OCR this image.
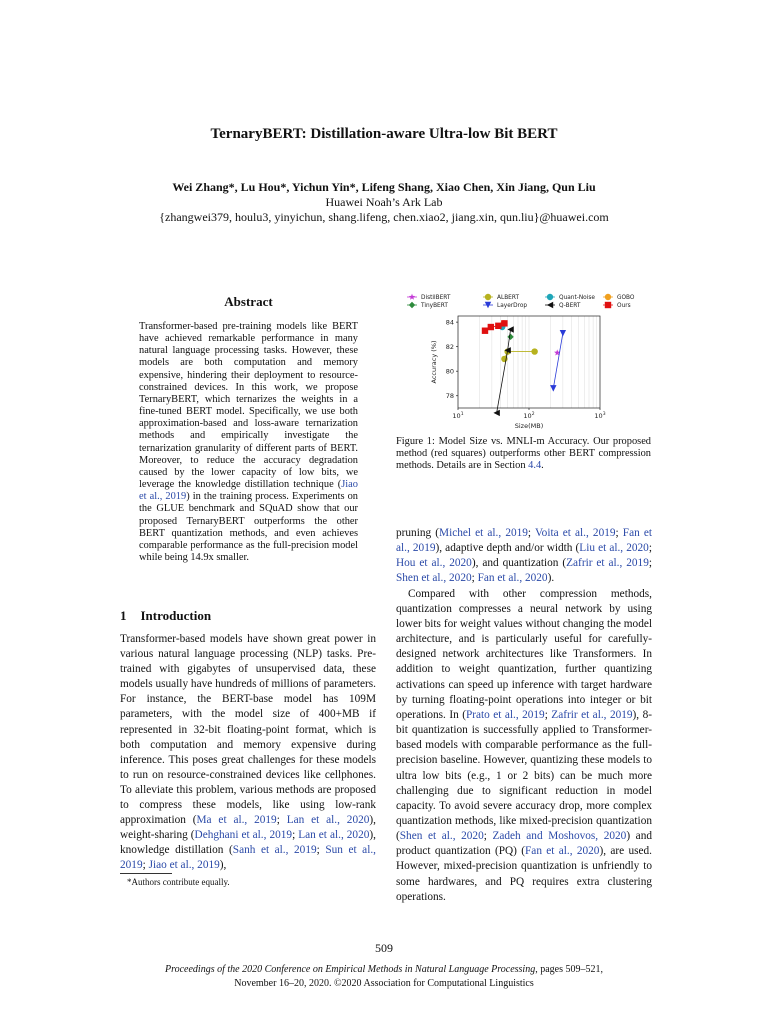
TernaryBERT: Distillation-aware Ultra-low Bit BERT
Wei Zhang*, Lu Hou*, Yichun Yin*, Lifeng Shang, Xiao Chen, Xin Jiang, Qun Liu
Huawei Noah’s Ark Lab
{zhangwei379, houlu3, yinyichun, shang.lifeng, chen.xiao2, jiang.xin, qun.liu}@huawei.com
Abstract

Transformer-based pre-training models like BERT have achieved remarkable performance in many natural language processing tasks. However, these models are both computation and memory expensive, hindering their deployment to resource-constrained devices. In this work, we propose TernaryBERT, which ternarizes the weights in a fine-tuned BERT model. Specifically, we use both approximation-based and loss-aware ternarization methods and empirically investigate the ternarization granularity of different parts of BERT. Moreover, to reduce the accuracy degradation caused by the lower capacity of low bits, we leverage the knowledge distillation technique (Jiao et al., 2019) in the training process. Experiments on the GLUE benchmark and SQuAD show that our proposed TernaryBERT outperforms the other BERT quantization methods, and even achieves comparable performance as the full-precision model while being 14.9x smaller.

1 Introduction

Transformer-based models have shown great power in various natural language processing (NLP) tasks. Pre-trained with gigabytes of unsupervised data, these models usually have hundreds of millions of parameters. For instance, the BERT-base model has 109M parameters, with the model size of 400+MB if represented in 32-bit floating-point format, which is both computation and memory expensive during inference. This poses great challenges for these models to run on resource-constrained devices like cellphones. To alleviate this problem, various methods are proposed to compress these models, like using low-rank approximation (Ma et al., 2019; Lan et al., 2020), weight-sharing (Dehghani et al., 2019; Lan et al., 2020), knowledge distillation (Sanh et al., 2019; Sun et al., 2019; Jiao et al., 2019),

*Authors contribute equally.
78
80
82
84
$10^1$	$10^2$	$10^3$
Size(MB)
Accuracy (%)
DistilBERT
TinyBERT
ALBERT
LayerDrop
Quant-Noise
Q-BERT
GOBO
Ours

Figure 1: Model Size vs. MNLI-m Accuracy. Our proposed method (red squares) outperforms other BERT compression methods. Details are in Section 4.4.

pruning (Michel et al., 2019; Voita et al., 2019; Fan et al., 2019), adaptive depth and/or width (Liu et al., 2020; Hou et al., 2020), and quantization (Zafrir et al., 2019; Shen et al., 2020; Fan et al., 2020).

Compared with other compression methods, quantization compresses a neural network by using lower bits for weight values without changing the model architecture, and is particularly useful for carefully-designed network architectures like Transformers. In addition to weight quantization, further quantizing activations can speed up inference with target hardware by turning floating-point operations into integer or bit operations. In (Prato et al., 2019; Zafrir et al., 2019), 8-bit quantization is successfully applied to Transformer-based models with comparable performance as the full-precision baseline. However, quantizing these models to ultra low bits (e.g., 1 or 2 bits) can be much more challenging due to significant reduction in model capacity. To avoid severe accuracy drop, more complex quantization methods, like mixed-precision quantization (Shen et al., 2020; Zadeh and Moshovos, 2020) and product quantization (PQ) (Fan et al., 2020), are used. However, mixed-precision quantization is unfriendly to some hardwares, and PQ requires extra clustering operations.

509
Proceedings of the 2020 Conference on Empirical Methods in Natural Language Processing, pages 509–521,
November 16–20, 2020. ©2020 Association for Computational Linguistics
